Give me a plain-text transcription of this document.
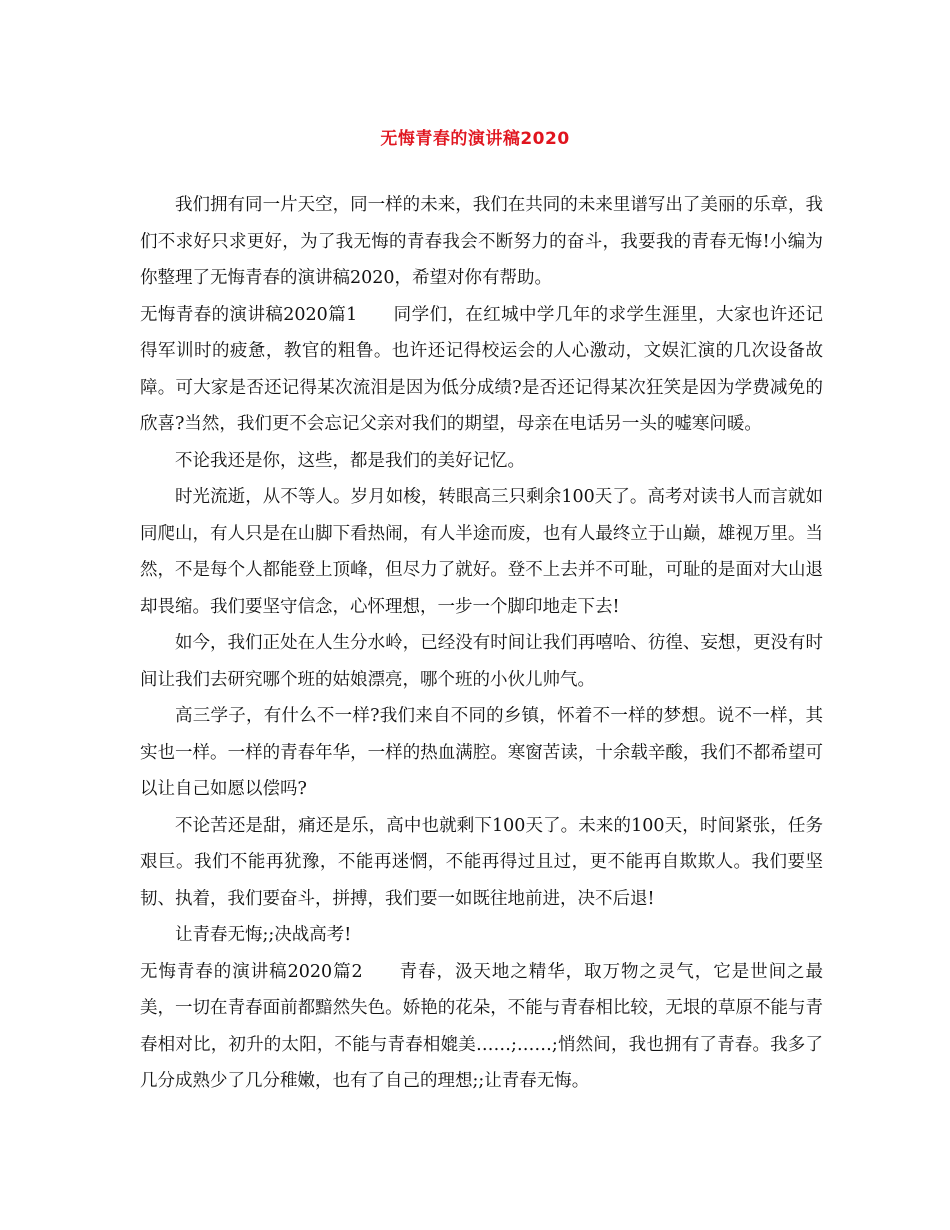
无悔青春的演讲稿2020

我们拥有同一片天空，同一样的未来，我们在共同的未来里谱写出了美丽的乐章，我们不求好只求更好，为了我无悔的青春我会不断努力的奋斗，我要我的青春无悔!小编为你整理了无悔青春的演讲稿2020，希望对你有帮助。

无悔青春的演讲稿2020篇1 同学们，在红城中学几年的求学生涯里，大家也许还记得军训时的疲惫，教官的粗鲁。也许还记得校运会的人心激动，文娱汇演的几次设备故障。可大家是否还记得某次流泪是因为低分成绩?是否还记得某次狂笑是因为学费减免的欣喜?当然，我们更不会忘记父亲对我们的期望，母亲在电话另一头的嘘寒问暖。

不论我还是你，这些，都是我们的美好记忆。

时光流逝，从不等人。岁月如梭，转眼高三只剩余100天了。高考对读书人而言就如同爬山，有人只是在山脚下看热闹，有人半途而废，也有人最终立于山巅，雄视万里。当然，不是每个人都能登上顶峰，但尽力了就好。登不上去并不可耻，可耻的是面对大山退却畏缩。我们要坚守信念，心怀理想，一步一个脚印地走下去!

如今，我们正处在人生分水岭，已经没有时间让我们再嘻哈、彷徨、妄想，更没有时间让我们去研究哪个班的姑娘漂亮，哪个班的小伙儿帅气。

高三学子，有什么不一样?我们来自不同的乡镇，怀着不一样的梦想。说不一样，其实也一样。一样的青春年华，一样的热血满腔。寒窗苦读，十余载辛酸，我们不都希望可以让自己如愿以偿吗?

不论苦还是甜，痛还是乐，高中也就剩下100天了。未来的100天，时间紧张，任务艰巨。我们不能再犹豫，不能再迷惘，不能再得过且过，更不能再自欺欺人。我们要坚韧、执着，我们要奋斗，拼搏，我们要一如既往地前进，决不后退!

让青春无悔;;决战高考!

无悔青春的演讲稿2020篇2 青春，汲天地之精华，取万物之灵气，它是世间之最美，一切在青春面前都黯然失色。娇艳的花朵，不能与青春相比较，无垠的草原不能与青春相对比，初升的太阳，不能与青春相媲美……;……;悄然间，我也拥有了青春。我多了几分成熟少了几分稚嫩，也有了自己的理想;;让青春无悔。
